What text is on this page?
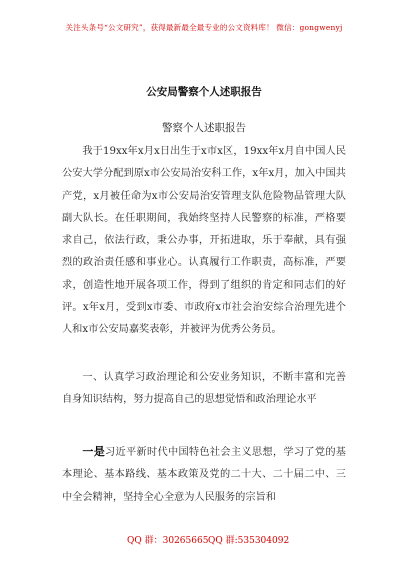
关注头条号“公文研究”，获得最新最全最专业的公文资料库！ 微信：gongwenyj
公安局警察个人述职报告
警察个人述职报告

我于19xx年x月x日出生于x市x区，19xx年x月自中国人民公安大学分配到原x市公安局治安科工作，x年x月，加入中国共产党，x月被任命为x市公安局治安管理支队危险物品管理大队副大队长。在任职期间，我始终坚持人民警察的标准，严格要求自己，依法行政，秉公办事，开拓进取，乐于奉献，具有强烈的政治责任感和事业心。认真履行工作职责，高标准，严要求，创造性地开展各项工作，得到了组织的肯定和同志们的好评。x年x月，受到x市委、市政府x市社会治安综合治理先进个人和x市公安局嘉奖表彰，并被评为优秀公务员。

一、认真学习政治理论和公安业务知识，不断丰富和完善自身知识结构，努力提高自己的思想觉悟和政治理论水平

一是习近平新时代中国特色社会主义思想，学习了党的基本理论、基本路线、基本政策及党的二十大、二十届二中、三中全会精神，坚持全心全意为人民服务的宗旨和

QQ 群：30265665 QQ 群:535304092
